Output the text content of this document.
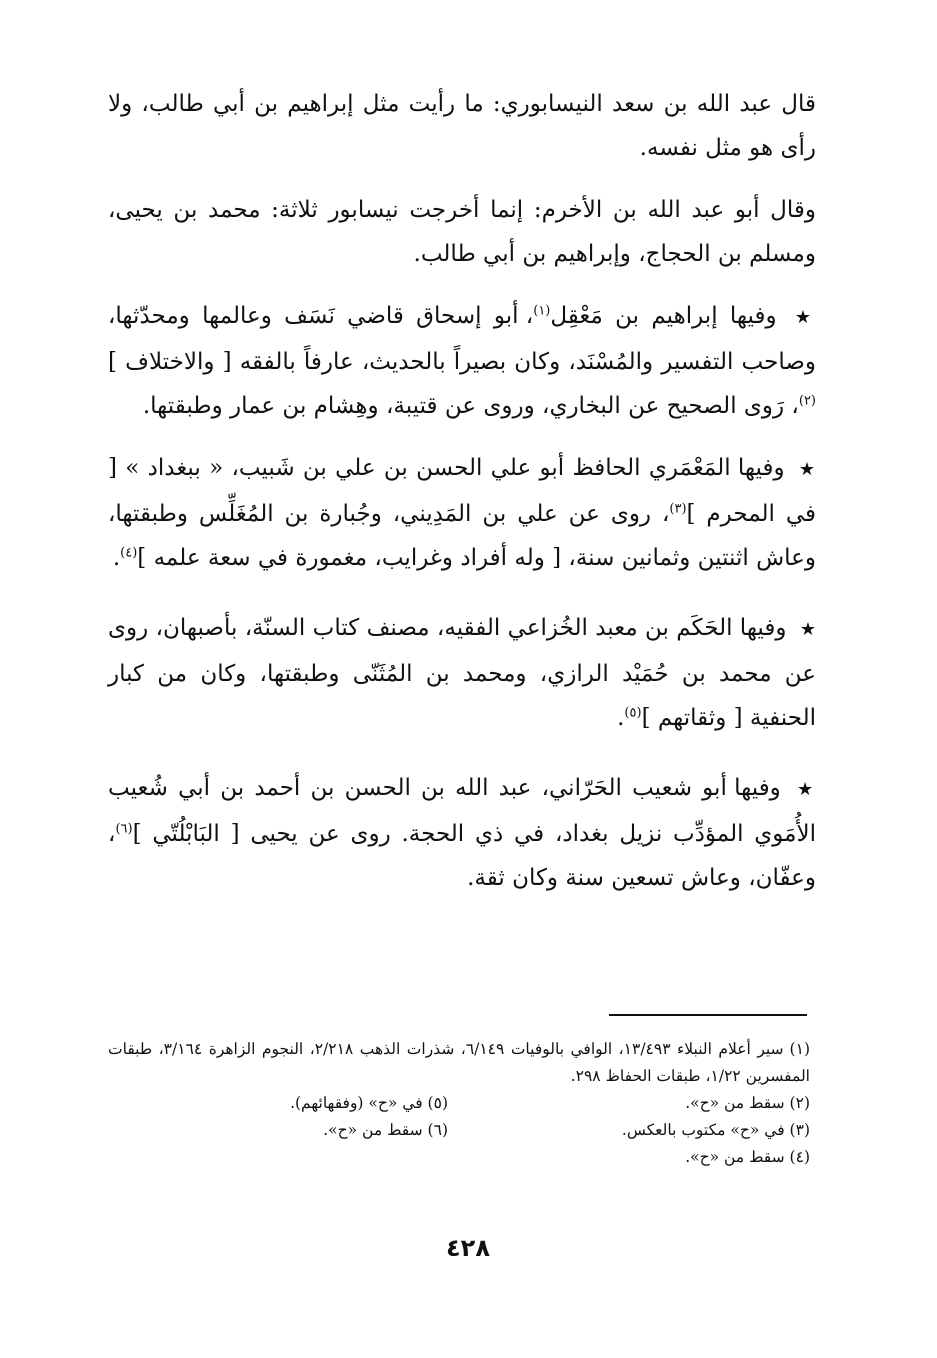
قال عبد الله بن سعد النيسابوري: ما رأيت مثل إبراهيم بن أبي طالب، ولا رأى هو مثل نفسه.

وقال أبو عبد الله بن الأخرم: إنما أخرجت نيسابور ثلاثة: محمد بن يحيى، ومسلم بن الحجاج، وإبراهيم بن أبي طالب.

★ وفيها إبراهيم بن مَعْقِل$^{(١)}$، أبو إسحاق قاضي نَسَف وعالمها ومحدّثها، وصاحب التفسير والمُسْنَد، وكان بصيراً بالحديث، عارفاً بالفقه [ والاختلاف ]$^{(٢)}$، رَوى الصحيح عن البخاري، وروى عن قتيبة، وهِشام بن عمار وطبقتها.

★ وفيها المَعْمَري الحافظ أبو علي الحسن بن علي بن شَبيب، « ببغداد » [ في المحرم ]$^{(٣)}$، روى عن علي بن المَدِيني، وجُبارة بن المُغَلِّس وطبقتها، وعاش اثنتين وثمانين سنة، [ وله أفراد وغرايب، مغمورة في سعة علمه ]$^{(٤)}$.

★ وفيها الحَكَم بن معبد الخُزاعي الفقيه، مصنف كتاب السنّة، بأصبهان، روى عن محمد بن حُمَيْد الرازي، ومحمد بن المُثَنّى وطبقتها، وكان من كبار الحنفية [ وثقاتهم ]$^{(٥)}$.

★ وفيها أبو شعيب الحَرّاني، عبد الله بن الحسن بن أحمد بن أبي شُعيب الأُمَوي المؤدِّب نزيل بغداد، في ذي الحجة. روى عن يحيى [ البَابْلُتّي ]$^{(٦)}$، وعفّان، وعاش تسعين سنة وكان ثقة.

(١)سير أعلام النبلاء ١٣/٤٩٣، الوافي بالوفيات ٦/١٤٩، شذرات الذهب ٢/٢١٨، النجوم الزاهرة ٣/١٦٤، طبقات المفسرين ١/٢٢، طبقات الحفاظ ٢٩٨.
(٢) سقط من «ح».
(٥) في «ح» (وفقهائهم).
(٣) في «ح» مكتوب بالعكس.
(٦) سقط من «ح».
(٤) سقط من «ح».
٤٢٨
